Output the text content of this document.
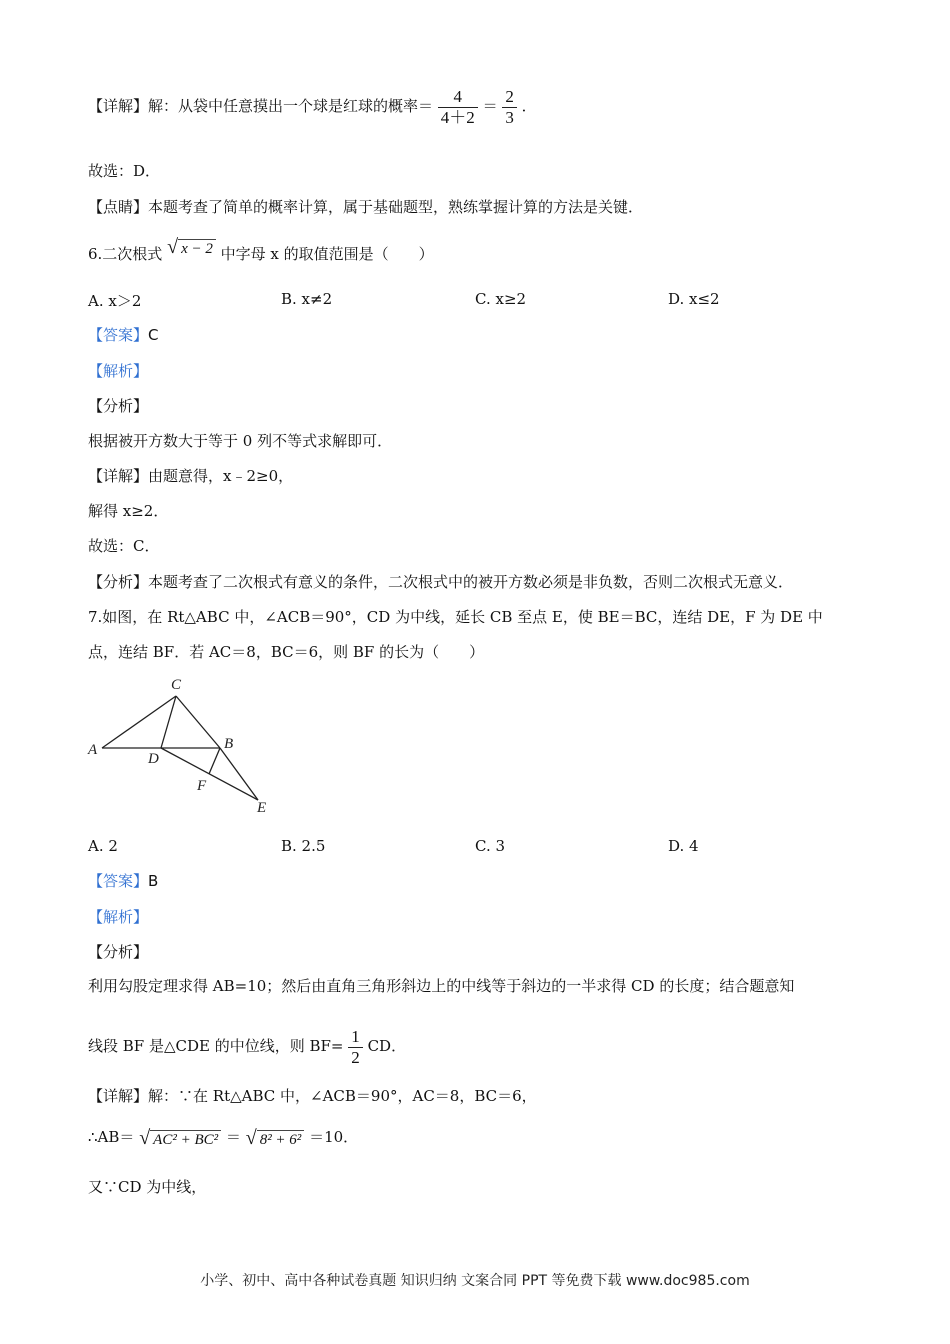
【详解】解：从袋中任意摸出一个球是红球的概率＝ $\frac{4}{4+2} = \frac{2}{3}$ ．
故选：D．
【点睛】本题考查了简单的概率计算，属于基础题型，熟练掌握计算的方法是关键．
6.二次根式 √ x − 2 中字母 x 的取值范围是（　　）
A. x＞2	B. x≠2	C. x≥2	D. x≤2
【答案】C
【解析】
【分析】
根据被开方数大于等于 0 列不等式求解即可．
【详解】由题意得，x﹣2≥0，
解得 x≥2．
故选：C．
【分析】本题考查了二次根式有意义的条件，二次根式中的被开方数必须是非负数，否则二次根式无意义．
7.如图，在 Rt△ABC 中，∠ACB＝90°，CD 为中线，延长 CB 至点 E，使 BE＝BC，连结 DE，F 为 DE 中
点，连结 BF．若 AC＝8，BC＝6，则 BF 的长为（　　）
A
C
B
D
F
E
A. 2	B. 2.5	C. 3	D. 4
【答案】B
【解析】
【分析】
利用勾股定理求得 AB=10；然后由直角三角形斜边上的中线等于斜边的一半求得 CD 的长度；结合题意知
线段 BF 是△CDE 的中位线，则 $BF= \frac{1}{2}$ CD．
【详解】解：∵在 Rt△ABC 中，∠ACB＝90°，AC＝8，BC＝6，
∴AB＝ √ AC² + BC² ＝ √ 8² + 6² ＝10．
又∵CD 为中线，
小学、初中、高中各种试卷真题 知识归纳 文案合同 PPT 等免费下载 www.doc985.com
